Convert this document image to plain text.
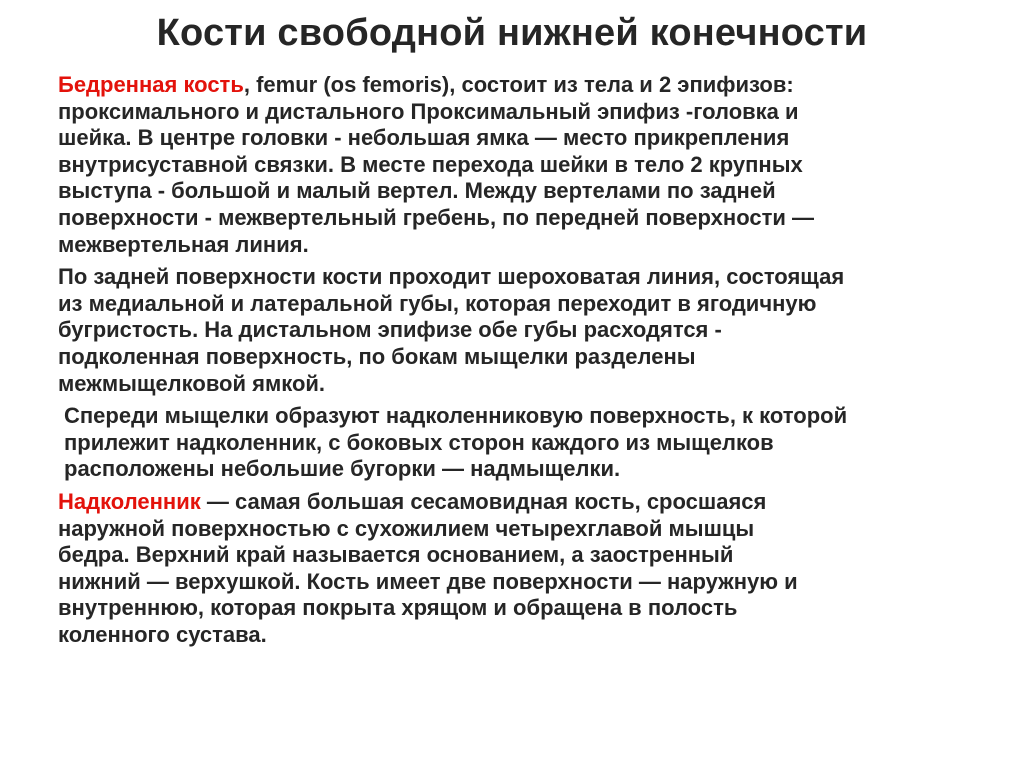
Кости свободной нижней конечности
Бедренная кость, femur (os femoris), состоит из тела и 2 эпифизов:
проксимального и дистального Проксимальный эпифиз -головка и
шейка. В центре головки - небольшая ямка — место прикрепления
внутрисуставной связки. В месте перехода шейки в тело 2 крупных
выступа - большой и малый вертел. Между вертелами по задней
поверхности - межвертельный гребень, по передней поверхности —
межвертельная линия.
По задней поверхности кости проходит шероховатая линия, состоящая
из медиальной и латеральной губы, которая переходит в ягодичную
бугристость. На дистальном эпифизе обе губы расходятся -
подколенная поверхность, по бокам мыщелки разделены
межмыщелковой ямкой.
Спереди мыщелки образуют надколенниковую поверхность, к которой
прилежит надколенник, с боковых сторон каждого из мыщелков
расположены небольшие бугорки — надмыщелки.
Надколенник — самая большая сесамовидная кость, сросшаяся
наружной поверхностью с сухожилием четырехглавой мышцы
бедра. Верхний край называется основанием, а заостренный
нижний — верхушкой. Кость имеет две поверхности — наружную и
внутреннюю, которая покрыта хрящом и обращена в полость
коленного сустава.
